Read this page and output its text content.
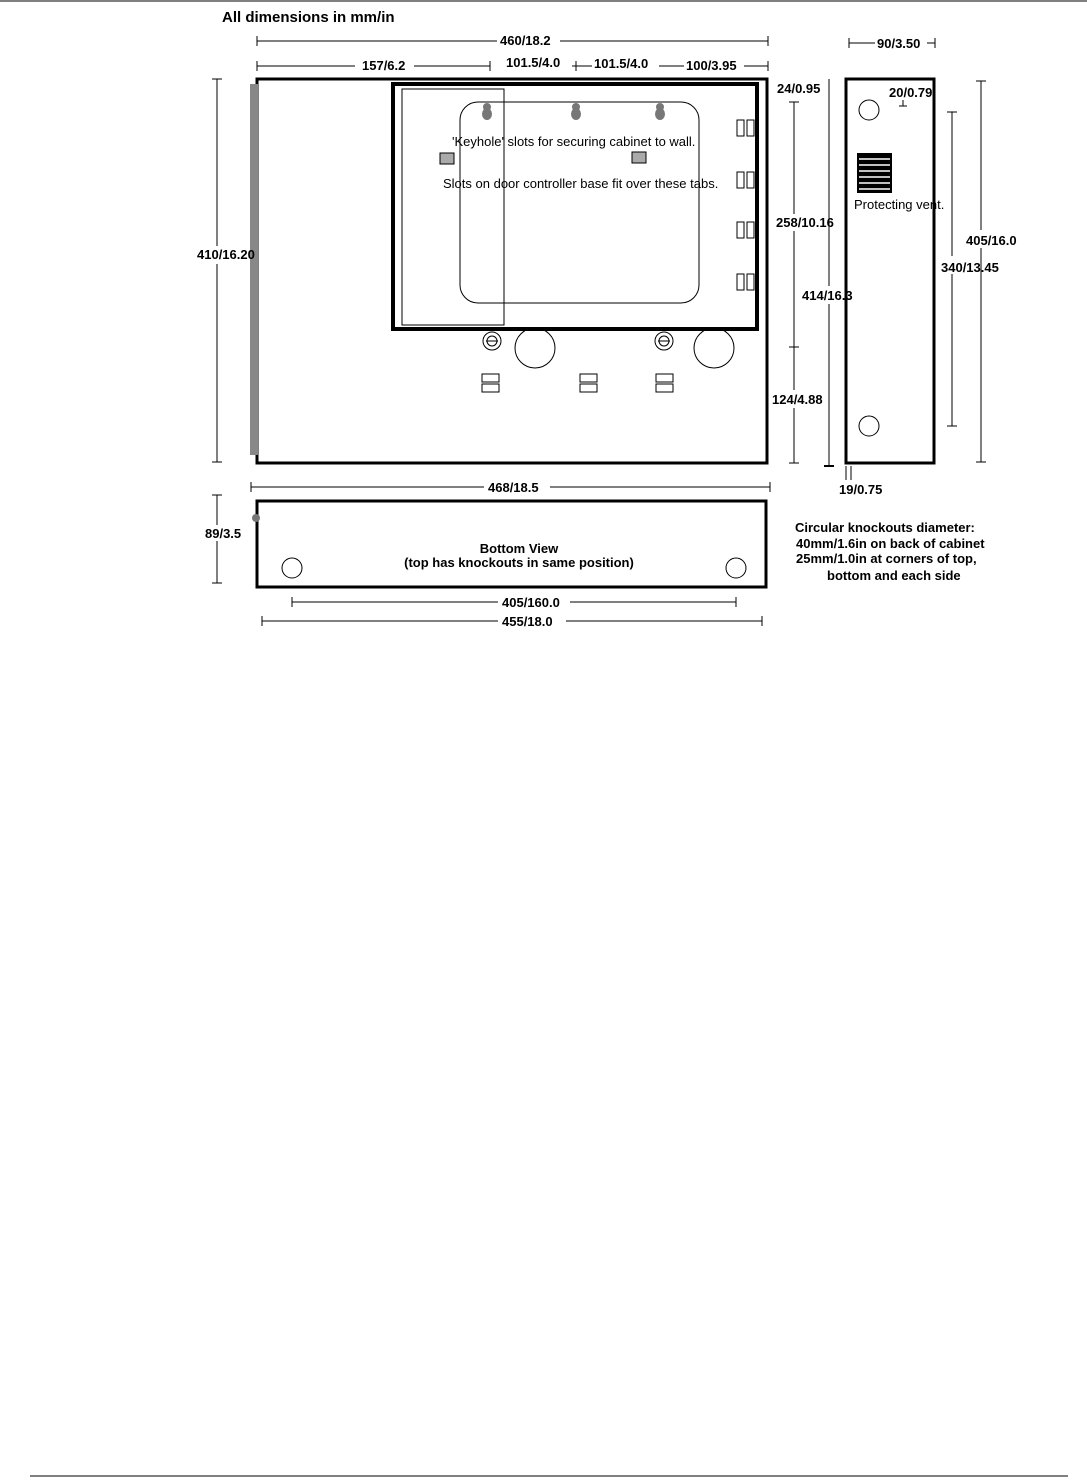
All dimensions in mm/in
'Keyhole' slots for securing cabinet to wall.
Slots on door controller base fit over these tabs.
460/18.2
157/6.2	101.5/4.0	101.5/4.0	100/3.95
410/16.20
468/18.5
24/0.95
258/10.16
414/16.3
124/4.88
Protecting vent.
90/3.50
20/0.79
405/16.0
340/13.45
19/0.75
Bottom View
(top has knockouts in same position)
89/3.5
405/160.0
455/18.0
Circular knockouts diameter:
40mm/1.6in on back of cabinet
25mm/1.0in at corners of top,
bottom and each side
